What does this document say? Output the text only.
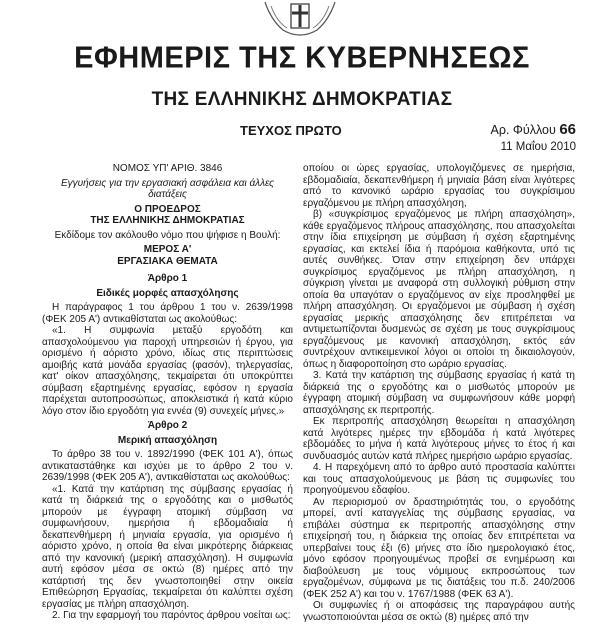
ΕΦΗΜΕΡΙΣ ΤΗΣ ΚΥΒΕΡΝΗΣΕΩΣ
ΤΗΣ ΕΛΛΗΝΙΚΗΣ ΔΗΜΟΚΡΑΤΙΑΣ
ΤΕΥΧΟΣ ΠΡΩΤΟ	Αρ. Φύλλου 66
11 Μαΐου 2010

ΝΟΜΟΣ ΥΠ' ΑΡΙΘ. 3846

Εγγυήσεις για την εργασιακή ασφάλεια και άλλες διατάξεις

Ο ΠΡΟΕΔΡΟΣ

ΤΗΣ ΕΛΛΗΝΙΚΗΣ ΔΗΜΟΚΡΑΤΙΑΣ

Εκδίδομε τον ακόλουθο νόμο που ψήφισε η Βουλή:

ΜΕΡΟΣ Α'

ΕΡΓΑΣΙΑΚΑ ΘΕΜΑΤΑ

Άρθρο 1

Ειδικές μορφές απασχόλησης

Η παράγραφος 1 του άρθρου 1 του ν. 2639/1998 (ΦΕΚ 205 Α') αντικαθίσταται ως ακολούθως:

«1. Η συμφωνία μεταξύ εργοδότη και απασχολούμενου για παροχή υπηρεσιών ή έργου, για ορισμένο ή αόριστο χρόνο, ιδίως στις περιπτώσεις αμοιβής κατά μονάδα εργασίας (φασόν), τηλεργασίας, κατ' οίκον απασχόλησης, τεκμαίρεται ότι υποκρύπτει σύμβαση εξαρτημένης εργασίας, εφόσον η εργασία παρέχεται αυτοπροσώπως, αποκλειστικά ή κατά κύριο λόγο στον ίδιο εργοδότη για εννέα (9) συνεχείς μήνες.»

Άρθρο 2

Μερική απασχόληση

Το άρθρο 38 του ν. 1892/1990 (ΦΕΚ 101 Α'), όπως αντικαταστάθηκε και ισχύει με το άρθρο 2 του ν. 2639/1998 (ΦΕΚ 205 Α'), αντικαθίσταται ως ακολούθως:

«1. Κατά την κατάρτιση της σύμβασης εργασίας ή κατά τη διάρκειά της ο εργοδότης και ο μισθωτός μπορούν με έγγραφη ατομική σύμβαση να συμφωνήσουν, ημερήσια ή εβδομαδιαία ή δεκαπενθήμερη ή μηνιαία εργασία, για ορισμένο ή αόριστο χρόνο, η οποία θα είναι μικρότερης διάρκειας από την κανονική (μερική απασχόληση). Η συμφωνία αυτή εφόσον μέσα σε οκτώ (8) ημέρες από την κατάρτισή της δεν γνωστοποιηθεί στην οικεία Επιθεώρηση Εργασίας, τεκμαίρεται ότι καλύπτει σχέση εργασίας με πλήρη απασχόληση.

2. Για την εφαρμογή του παρόντος άρθρου νοείται ως:

οποίου οι ώρες εργασίας, υπολογιζόμενες σε ημερήσια, εβδομαδιαία, δεκαπενθήμερη ή μηνιαία βάση είναι λιγότερες από το κανονικό ωράριο εργασίας του συγκρίσιμου εργαζόμενου με πλήρη απασχόληση,

β) «συγκρίσιμος εργαζόμενος με πλήρη απασχόληση», κάθε εργαζόμενος πλήρους απασχόλησης, που απασχολείται στην ίδια επιχείρηση με σύμβαση ή σχέση εξαρτημένης εργασίας, και εκτελεί ίδια ή παρόμοια καθήκοντα, υπό τις αυτές συνθήκες. Όταν στην επιχείρηση δεν υπάρχει συγκρίσιμος εργαζόμενος με πλήρη απασχόληση, η σύγκριση γίνεται με αναφορά στη συλλογική ρύθμιση στην οποία θα υπαγόταν ο εργαζόμενος αν είχε προσληφθεί με πλήρη απασχόληση. Οι εργαζόμενοι με σύμβαση ή σχέση εργασίας μερικής απασχόλησης δεν επιτρέπεται να αντιμετωπίζονται δυσμενώς σε σχέση με τους συγκρίσιμους εργαζόμενους με κανονική απασχόληση, εκτός εάν συντρέχουν αντικειμενικοί λόγοι οι οποίοι τη δικαιολογούν, όπως η διαφοροποίηση στο ωράριο εργασίας.

3. Κατά την κατάρτιση της σύμβασης εργασίας ή κατά τη διάρκειά της ο εργοδότης και ο μισθωτός μπορούν με έγγραφη ατομική σύμβαση να συμφωνήσουν κάθε μορφή απασχόλησης εκ περιτροπής.

Εκ περιτροπής απασχόληση θεωρείται η απασχόληση κατά λιγότερες ημέρες την εβδομάδα ή κατά λιγότερες εβδομάδες το μήνα ή κατά λιγότερους μήνες το έτος ή και συνδυασμός αυτών κατά πλήρες ημερήσιο ωράριο εργασίας.

4. Η παρεχόμενη από το άρθρο αυτό προστασία καλύπτει και τους απασχολούμενους με βάση τις συμφωνίες του προηγούμενου εδαφίου.

Αν περιορισμού ον δραστηριότητάς του, ο εργοδότης μπορεί, αντί καταγγελίας της σύμβασης εργασίας, να επιβάλει σύστημα εκ περιτροπής απασχόλησης στην επιχείρησή του, η διάρκεια της οποίας δεν επιτρέπεται να υπερβαίνει τους έξι (6) μήνες στο ίδιο ημερολογιακό έτος, μόνο εφόσον προηγουμένως προβεί σε ενημέρωση και διαβούλευση με τους νόμιμους εκπροσώπους των εργαζομένων, σύμφωνα με τις διατάξεις του π.δ. 240/2006 (ΦΕΚ 252 Α') και του ν. 1767/1988 (ΦΕΚ 63 Α').

Οι συμφωνίες ή οι αποφάσεις της παραγράφου αυτής γνωστοποιούνται μέσα σε οκτώ (8) ημέρες από την
